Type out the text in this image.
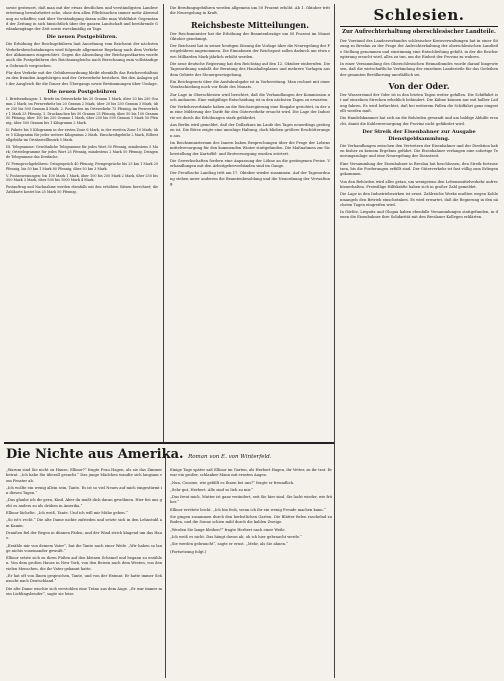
sowie gesteuert, daß man mit der etwas deutlichen und verständigsten Landesvertretung bewahrheitet sehe, ohne den allen Pflichtsachen immer mehr Abwendung zu schaffen; und über Verständigung daran sollte man Wohlfahrt Gegenstand der Zeitung in sich hinsichtlich über der ganzen Landschaft und berührende Gedankengänge der Zeit sowie zweckmäßig zu Tage.

Die neuen Postgebühren.

Die Erhöhung der Reichsgebühren laut Anordnung vom Reichsrat der nächsten Verkehrsbeschränkungen wird folgende allgemeine Regelung nach dem Verkehr der Abkommen eingerichtet. Gegen die Absendung der Reichspostkarten wurde auch die Postgebühren des Reichsausgleichs nach Berechnung zum vollständigen Gebrauch vorgesehen.

Für den Verkehr mit der Gebührenordnung bleibt ebenfalls das Reichsverhältnis zu den fremden Angehörigen und der Ortsverkehr bestehen. Bei den Anlagen gilt der Ausgleich für die Dauer des Übergangs sowie Bestimmungen über Umlage.

Die neuen Postgebühren

I. Briefsendungen: 1. Briefe im Ortsverkehr bis 20 Gramm 1 Mark, über 20 bis 250 Gramm 2 Mark; im Fernverkehr bis 20 Gramm 2 Mark, über 20 bis 250 Gramm 3 Mark, über 250 bis 500 Gramm 4 Mark. 2. Postkarten im Ortsverkehr 75 Pfennig, im Fernverkehr 1 Mark 25 Pfennig. 3. Drucksachen bis 50 Gramm 25 Pfennig, über 50 bis 100 Gramm 50 Pfennig, über 100 bis 250 Gramm 1 Mark, über 250 bis 500 Gramm 1 Mark 50 Pfennig, über 500 Gramm bis 1 Kilogramm 2 Mark.

II. Pakete bis 5 Kilogramm in der ersten Zone 6 Mark, in der zweiten Zone 10 Mark; über 5 Kilogramm für jedes weitere Kilogramm 2 Mark. Einschreibgebühr 2 Mark, Eilbestellgebühr im Ortsbestellbezirk 5 Mark.

III. Telegramme: Gewöhnliche Telegramme für jedes Wort 50 Pfennig, mindestens 5 Mark; Ortstelegramme für jedes Wort 25 Pfennig, mindestens 2 Mark 50 Pfennig. Dringende Telegramme das Dreifache.

IV. Fernsprechgebühren: Ortsgespräch 40 Pfennig; Ferngespräche bis 25 km 1 Mark 20 Pfennig, bis 50 km 1 Mark 80 Pfennig, über 50 km 3 Mark.

V. Postanweisungen: bis 100 Mark 1 Mark, über 100 bis 250 Mark 2 Mark, über 250 bis 500 Mark 3 Mark, über 500 bis 1000 Mark 4 Mark.

Postauftrag und Nachnahme werden ebenfalls mit den erhöhten Sätzen berechnet; die Zahlkarte kostet bis 25 Mark 50 Pfennig.

Die Berufungsgebühren werden allgemein um 50 Prozent erhöht. Ab 1. Oktober tritt die Neuregelung in Kraft.

Reichsbeste Mitteilungen.

Der Reichsminister hat die Erhöhung der Beamtenbezüge um 50 Prozent im Monat Oktober genehmigt.

Der Reichsrat hat in seiner heutigen Sitzung die Vorlage über die Neuregelung der Postgebühren angenommen. Die Einnahmen der Reichspost sollen dadurch um etwa zwei Milliarden Mark jährlich erhöht werden.

Die neue deutsche Regierung hat den Reichstag auf den 12. Oktober einberufen. Die Tagesordnung umfaßt die Beratung des Haushaltsplanes und mehrere Vorlagen aus dem Gebiete der Steuergesetzgebung.

Ein Reichsgesetz über die Ausfuhrabgabe ist in Vorbereitung. Man rechnet mit einer Verabschiedung noch vor Ende des Monats.

Zur Lage in Oberschlesien wird berichtet, daß die Verhandlungen der Kommission noch andauern. Eine endgültige Entscheidung ist in den nächsten Tagen zu erwarten.

Die Verkehrsverbände haben an die Reichsregierung eine Eingabe gerichtet, in der um eine Milderung der Tarife für den Güterverkehr ersucht wird. Die Lage der Industrie sei durch die Erhöhungen stark gefährdet.

Aus Berlin wird gemeldet, daß der Dollarkurs im Laufe des Tages neuerdings gestiegen ist. Die Börse zeigte eine unruhige Haltung, doch blieben größere Erschütterungen aus.

Im Reichsministerium des Innern haben Besprechungen über die Frage der Lebensmittelversorgung für den kommenden Winter stattgefunden. Die Maßnahmen zur Sicherstellung der Kartoffel- und Brotversorgung wurden erörtert.

Die Gewerkschaften fordern eine Anpassung der Löhne an die gestiegenen Preise. Verhandlungen mit den Arbeitgeberverbänden sind im Gange.

Der Preußische Landtag tritt am 17. Oktober wieder zusammen. Auf der Tagesordnung stehen unter anderem die Beamtenbesoldung und die Neuordnung der Verwaltung.

Schlesien.
Zur Aufrechterhaltung oberschlesischer Landteile.

Der Vorstand des Landesverbandes schlesischer Kreisverwaltungen hat in einer Sitzung zu Breslau zu der Frage der Aufrechterhaltung der oberschlesischen Landteile Stellung genommen und einstimmig eine Entschließung gefaßt, in der die Reichsregierung ersucht wird, alles zu tun, um die Einheit der Provinz zu wahren.

In einer Versammlung des Oberschlesischen Heimatbundes wurde darauf hingewiesen, daß die wirtschaftliche Verbindung der einzelnen Landesteile für das Gedeihen der gesamten Bevölkerung unerläßlich sei.

Von der Oder.

Der Wasserstand der Oder ist in den letzten Tagen weiter gefallen. Die Schiffahrt ist auf einzelnen Strecken erheblich behindert. Die Kähne können nur mit halber Ladung fahren. Es wird befürchtet, daß bei weiterem Fallen die Schiffahrt ganz eingestellt werden muß.

Die Handelskammer hat sich an die Behörden gewandt und um baldige Abhilfe ersucht, damit die Kohlenversorgung der Provinz nicht gefährdet wird.

Der Streik der Eisenbahner zur Ausgabe Dienstgeldsammlung.

Die Verhandlungen zwischen den Vertretern der Eisenbahner und der Direktion haben bisher zu keinem Ergebnis geführt. Die Eisenbahner verlangen eine sofortige Teuerungszulage und eine Neuregelung der Dienstzeit.

Eine Versammlung der Eisenbahner in Breslau hat beschlossen, den Streik fortzusetzen, bis die Forderungen erfüllt sind. Der Güterverkehr ist fast völlig zum Erliegen gekommen.

Von den Behörden wird alles getan, um wenigstens den Lebensmittelverkehr aufrechtzuerhalten. Freiwillige Hilfskräfte haben sich in großer Zahl gemeldet.

Die Lage in den Industriebezirken ist ernst. Zahlreiche Werke mußten wegen Kohlenmangels den Betrieb einschränken. Es wird erwartet, daß die Regierung in den nächsten Tagen eingreifen wird.

In Görlitz, Liegnitz und Glogau haben ebenfalls Versammlungen stattgefunden, in denen die Eisenbahner ihre Solidarität mit den Breslauer Kollegen erklärten.

Die Nichte aus Amerika. Roman von E. von Winterfeld.

„Warum sind Sie nicht zu Hause, Ellinor?“ fragte Frau Hagen, als sie das Zimmer betrat. „Ich habe Sie überall gesucht.“ Das junge Mädchen wandte sich langsam vom Fenster ab.

„Ich wollte ein wenig allein sein, Tante. Es ist so viel Neues auf mich eingestürmt in diesen Tagen.“

„Das glaube ich dir gern, Kind. Aber du mußt dich daran gewöhnen. Hier bei uns geht es anders zu als drüben in Amerika.“

Ellinor lächelte. „Ich weiß, Tante. Und ich will mir Mühe geben.“

„So ist's recht.“ Die alte Dame nickte zufrieden und setzte sich in den Lehnstuhl am Kamin.

Draußen fiel der Regen in dünnen Fäden, und der Wind strich klagend um das Haus.

„Erzähle mir von deinem Vater“, bat die Tante nach einer Weile. „Wir haben so lange nichts voneinander gewußt.“

Ellinor setzte sich zu ihren Füßen auf den kleinen Schemel und begann zu erzählen. Von dem großen Hause in New York, von den Reisen nach dem Westen, von den vielen Menschen, die ihr Vater gekannt hatte.

„Er hat oft von Ihnen gesprochen, Tante, und von der Heimat. Er hatte immer Sehnsucht nach Deutschland.“

Die alte Dame wischte sich verstohlen eine Träne aus dem Auge. „Er war immer mein Lieblingsbruder“, sagte sie leise.

Einige Tage später saß Ellinor im Garten, als Herbert Hagen, ihr Vetter, zu ihr trat. Er war ein großer, schlanker Mann mit ernsten Augen.

„Nun, Cousine, wie gefällt es Ihnen bei uns?“ fragte er freundlich.

„Sehr gut, Herbert. Alle sind so lieb zu mir.“

„Das freut mich. Mutter ist ganz verändert, seit Sie hier sind. Sie lacht wieder, wie früher.“

Ellinor errötete leicht. „Ich bin froh, wenn ich ihr ein wenig Freude machen kann.“

Sie gingen zusammen durch den herbstlichen Garten. Die Blätter fielen raschelnd zu Boden, und die Sonne schien mild durch die kahlen Zweige.

„Werden Sie lange bleiben?“ fragte Herbert nach einer Weile.

„Ich weiß es nicht. Das hängt davon ab, ob ich hier gebraucht werde.“

„Sie werden gebraucht“, sagte er ernst. „Mehr, als Sie ahnen.“

(Fortsetzung folgt.)
